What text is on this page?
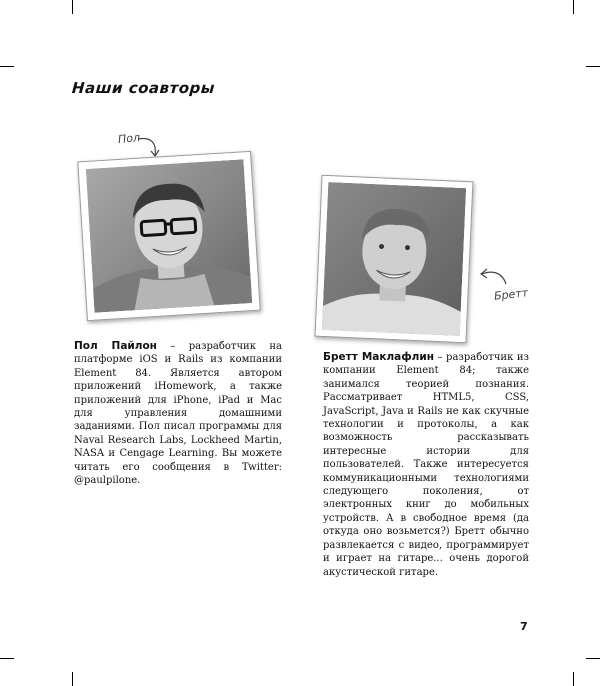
Наши соавторы
Пол
Бретт
Пол Пайлон – разработчик на платформе iOS и Rails из компании Element 84. Является автором приложений iHomework, а также приложений для iPhone, iPad и Mac для управления домашними заданиями. Пол писал программы для Naval Research Labs, Lockheed Martin, NASA и Cengage Learning. Вы можете читать его сообщения в Twitter: @paulpilone.
Бретт Маклафлин – разработчик из компании Element 84; также занимался теорией познания. Рассматривает HTML5, CSS, JavaScript, Java и Rails не как скучные технологии и протоколы, а как возможность рассказывать интересные истории для пользователей. Также интересуется коммуникационными технологиями следующего поколения, от электронных книг до мобильных устройств. А в свободное время (да откуда оно возьмется?) Бретт обычно развлекается с видео, программирует и играет на гитаре... очень дорогой акустической гитаре.
7
